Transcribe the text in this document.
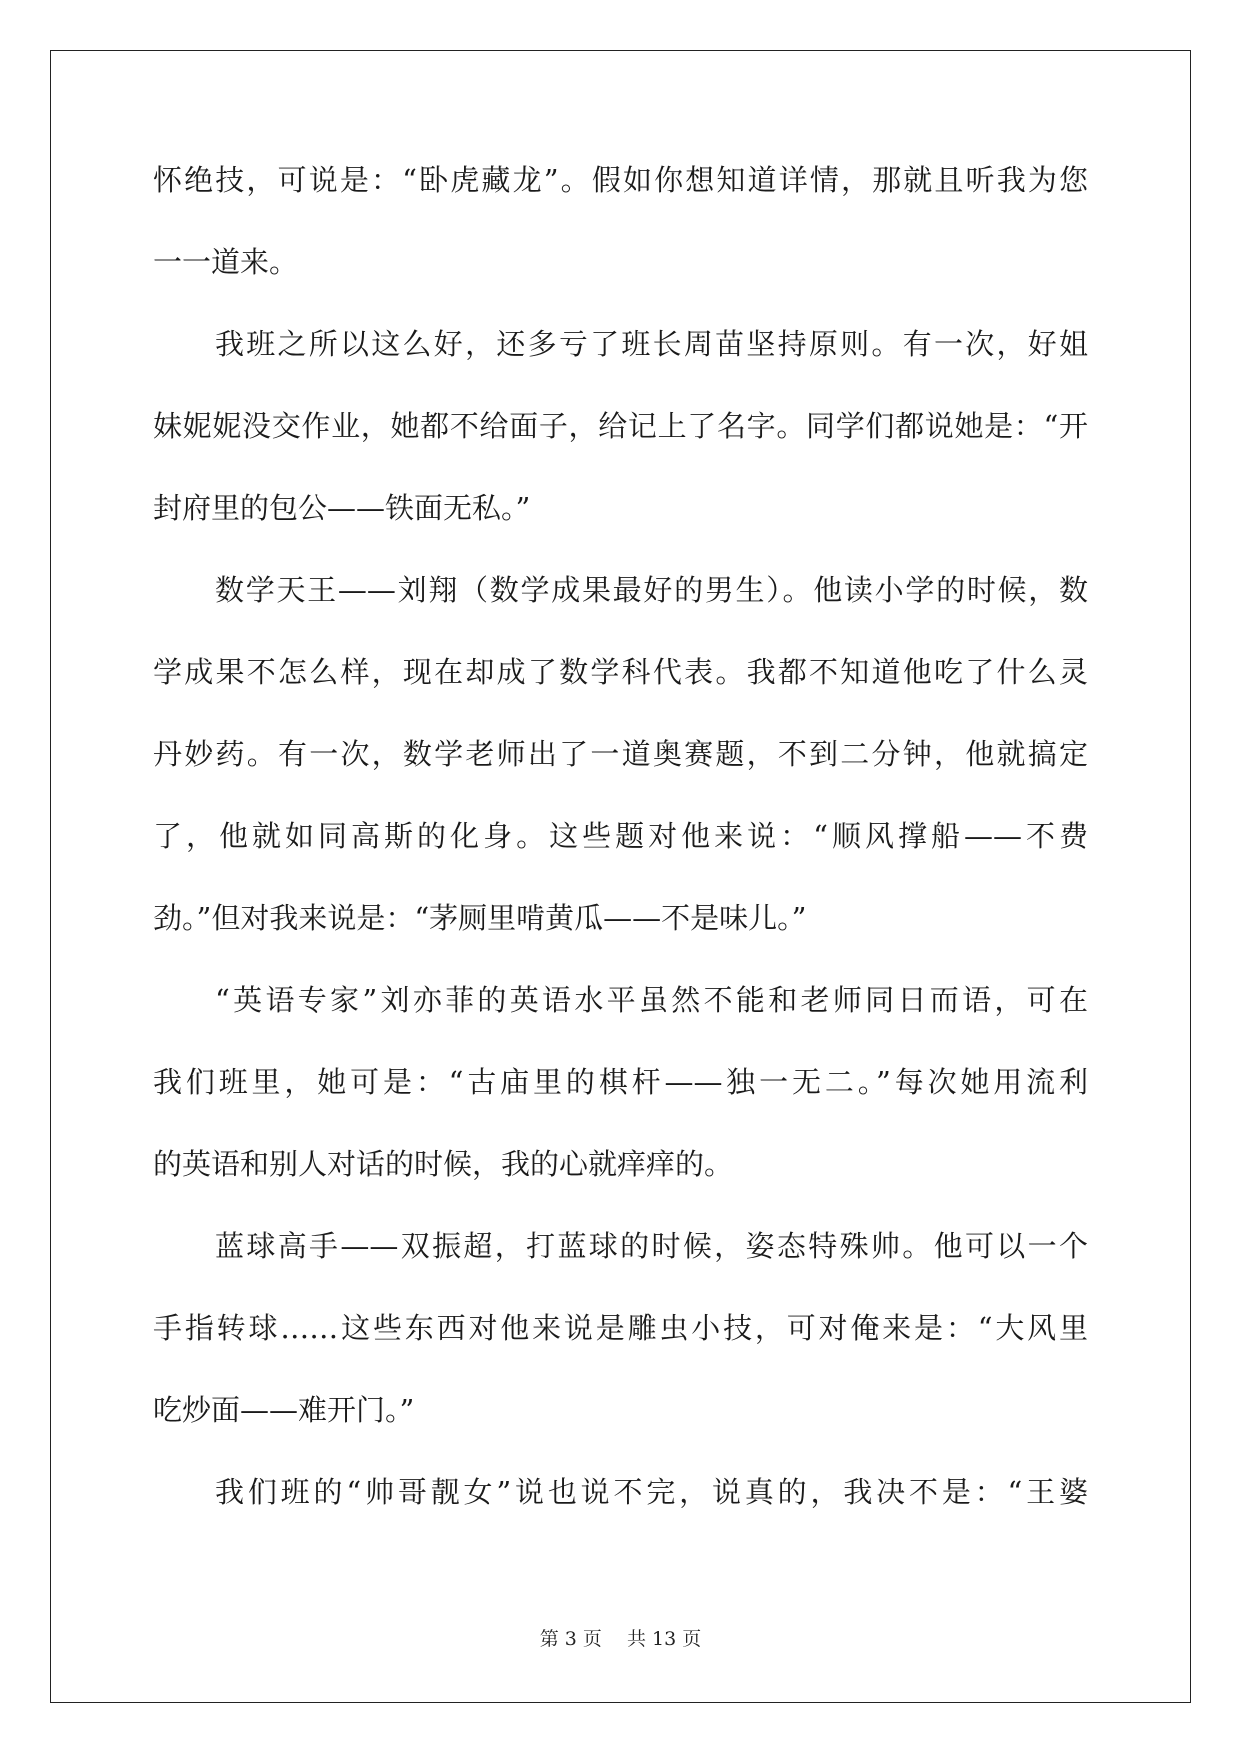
怀绝技，可说是：“卧虎藏龙”。假如你想知道详情，那就且听我为您
一一道来。
我班之所以这么好，还多亏了班长周苗坚持原则。有一次，好姐
妹妮妮没交作业，她都不给面子，给记上了名字。同学们都说她是：“开
封府里的包公——铁面无私。”
数学天王——刘翔（数学成果最好的男生）。他读小学的时候，数
学成果不怎么样，现在却成了数学科代表。我都不知道他吃了什么灵
丹妙药。有一次，数学老师出了一道奥赛题，不到二分钟，他就搞定
了，他就如同高斯的化身。这些题对他来说：“顺风撑船——不费
劲。”但对我来说是：“茅厕里啃黄瓜——不是味儿。”
“英语专家”刘亦菲的英语水平虽然不能和老师同日而语，可在
我们班里，她可是：“古庙里的棋杆——独一无二。”每次她用流利
的英语和别人对话的时候，我的心就痒痒的。
蓝球高手——双振超，打蓝球的时候，姿态特殊帅。他可以一个
手指转球……这些东西对他来说是雕虫小技，可对俺来是：“大风里
吃炒面——难开门。”
我们班的“帅哥靓女”说也说不完，说真的，我决不是：“王婆
第 3 页　 共 13 页
